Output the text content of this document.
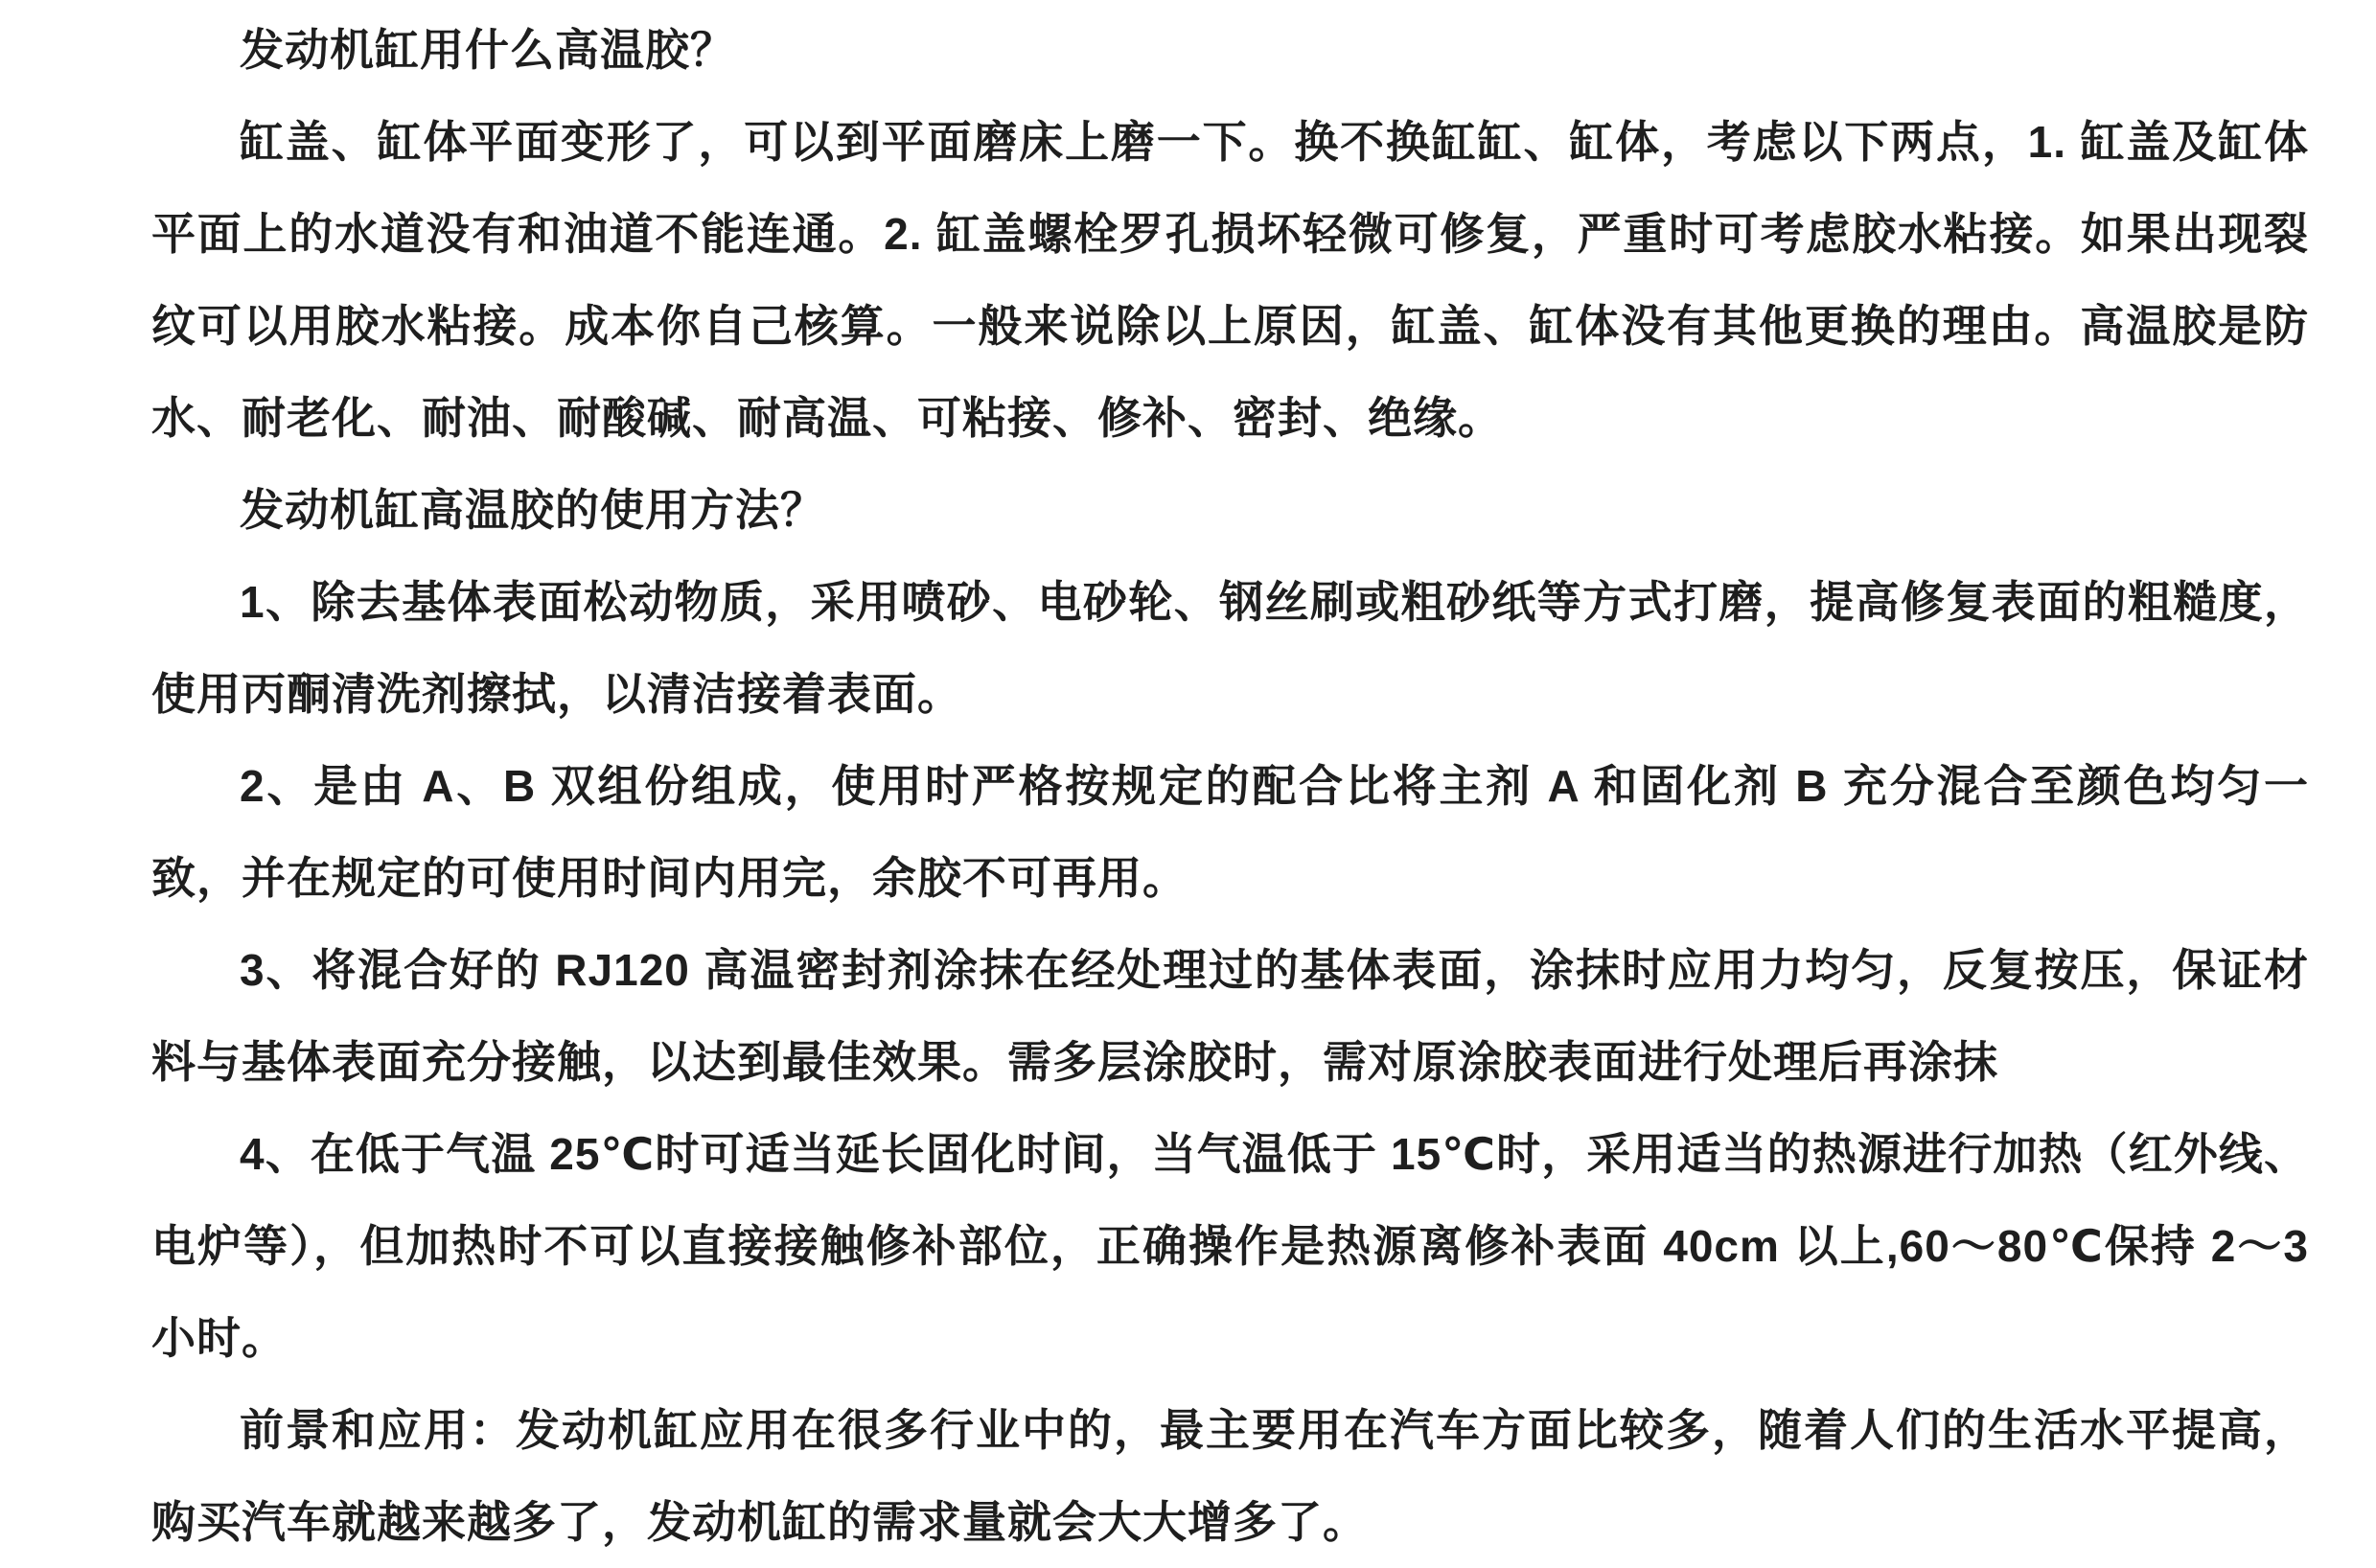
发动机缸用什么高温胶？

缸盖、缸体平面变形了，可以到平面磨床上磨一下。换不换缸缸、缸体，考虑以下两点，1. 缸盖及缸体平面上的水道没有和油道不能连通。2. 缸盖螺栓罗孔损坏轻微可修复，严重时可考虑胶水粘接。如果出现裂纹可以用胶水粘接。成本你自己核算。一般来说除以上原因，缸盖、缸体没有其他更换的理由。高温胶是防水、耐老化、耐油、耐酸碱、耐高温、可粘接、修补、密封、绝缘。

发动机缸高温胶的使用方法？

1、除去基体表面松动物质，采用喷砂、电砂轮、钢丝刷或粗砂纸等方式打磨，提高修复表面的粗糙度，使用丙酮清洗剂擦拭，以清洁接着表面。

2、是由 A、B 双组份组成，使用时严格按规定的配合比将主剂 A 和固化剂 B 充分混合至颜色均匀一致，并在规定的可使用时间内用完，余胶不可再用。

3、将混合好的 RJ120 高温密封剂涂抹在经处理过的基体表面，涂抹时应用力均匀，反复按压，保证材料与基体表面充分接触，以达到最佳效果。需多层涂胶时，需对原涂胶表面进行处理后再涂抹

4、在低于气温 25℃时可适当延长固化时间，当气温低于 15℃时，采用适当的热源进行加热（红外线、电炉等），但加热时不可以直接接触修补部位，正确操作是热源离修补表面 40cm 以上,60～80℃保持 2～3 小时。

前景和应用：发动机缸应用在很多行业中的，最主要用在汽车方面比较多，随着人们的生活水平提高，购买汽车就越来越多了，发动机缸的需求量就会大大增多了。
